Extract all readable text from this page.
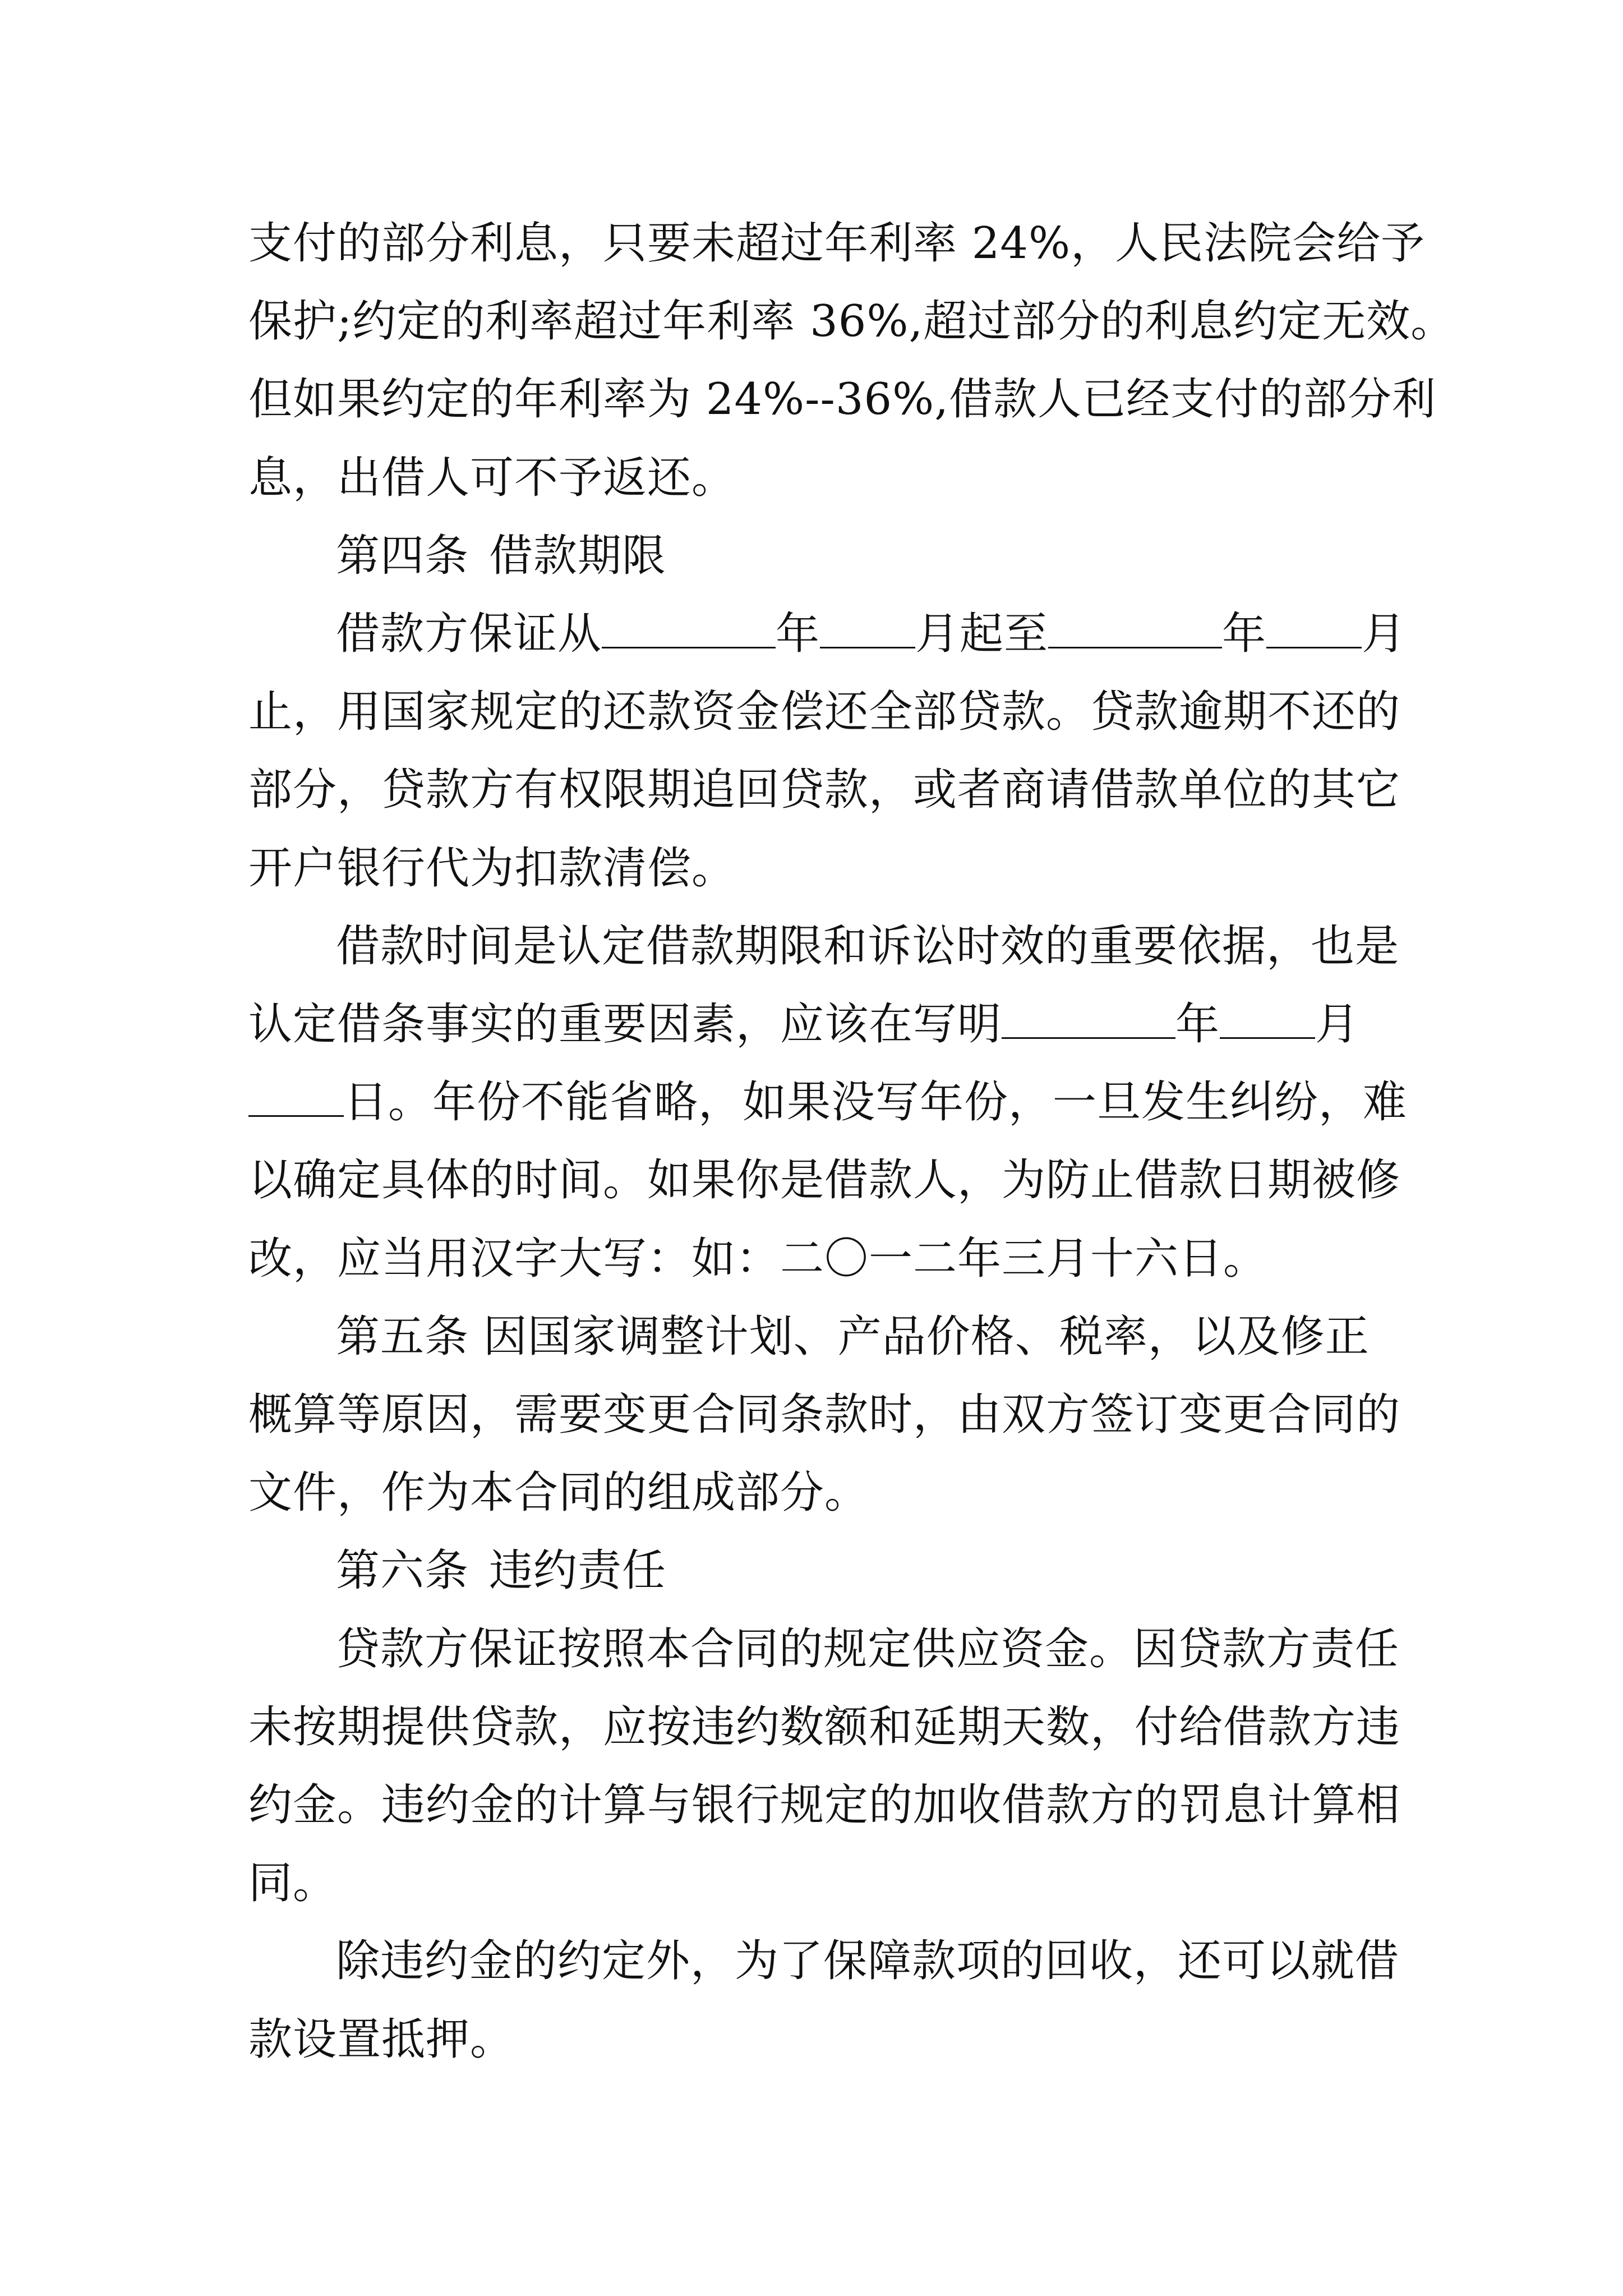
支付的部分利息，只要未超过年利率 24%，人民法院会给予
保护;约定的利率超过年利率 36%,超过部分的利息约定无效。
但如果约定的年利率为 24%--36%,借款人已经支付的部分利
息，出借人可不予返还。
第四条 借款期限
借款方保证从	年 月起至	年 月
止，用国家规定的还款资金偿还全部贷款。贷款逾期不还的
部分，贷款方有权限期追回贷款，或者商请借款单位的其它
开户银行代为扣款清偿。
借款时间是认定借款期限和诉讼时效的重要依据，也是
认定借条事实的重要因素，应该在写明	年 月
日。年份不能省略，如果没写年份，一旦发生纠纷，难
以确定具体的时间。如果你是借款人，为防止借款日期被修
改，应当用汉字大写：如：二〇一二年三月十六日。
第五条 因国家调整计划、产品价格、税率，以及修正
概算等原因，需要变更合同条款时，由双方签订变更合同的
文件，作为本合同的组成部分。
第六条 违约责任
贷款方保证按照本合同的规定供应资金。因贷款方责任
未按期提供贷款，应按违约数额和延期天数，付给借款方违
约金。违约金的计算与银行规定的加收借款方的罚息计算相
同。
除违约金的约定外，为了保障款项的回收，还可以就借
款设置抵押。
